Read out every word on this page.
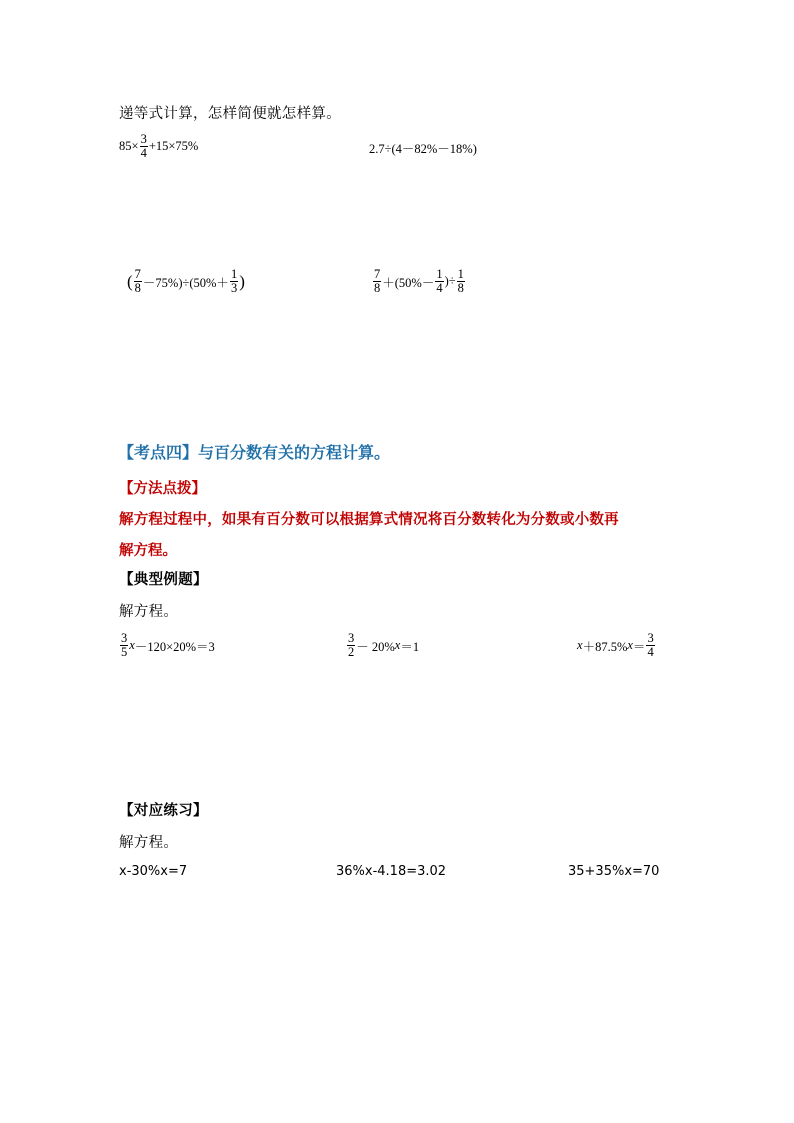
递等式计算，怎样简便就怎样算。
$85\times \frac{3}{4} +15\times 75\%$	2.7÷(4－82%－18%)
( $\frac{7}{8} -75\%)\div(50\%+ \frac{1}{3}$ )	$\frac{7}{8} +(50\%- \frac{1}{4}$ )÷ $\frac{1}{8}$
【考点四】与百分数有关的方程计算。
【方法点拨】
解方程过程中，如果有百分数可以根据算式情况将百分数转化为分数或小数再
解方程。
【典型例题】
解方程。
$\frac{3}{5}$ x －120×20%＝3	$\frac{3}{2} - 20\%$ x ＝1	x ＋87.5% $x = \frac{3}{4}$
【对应练习】
解方程。
x-30%x=7	36%x-4.18=3.02	35+35%x=70
